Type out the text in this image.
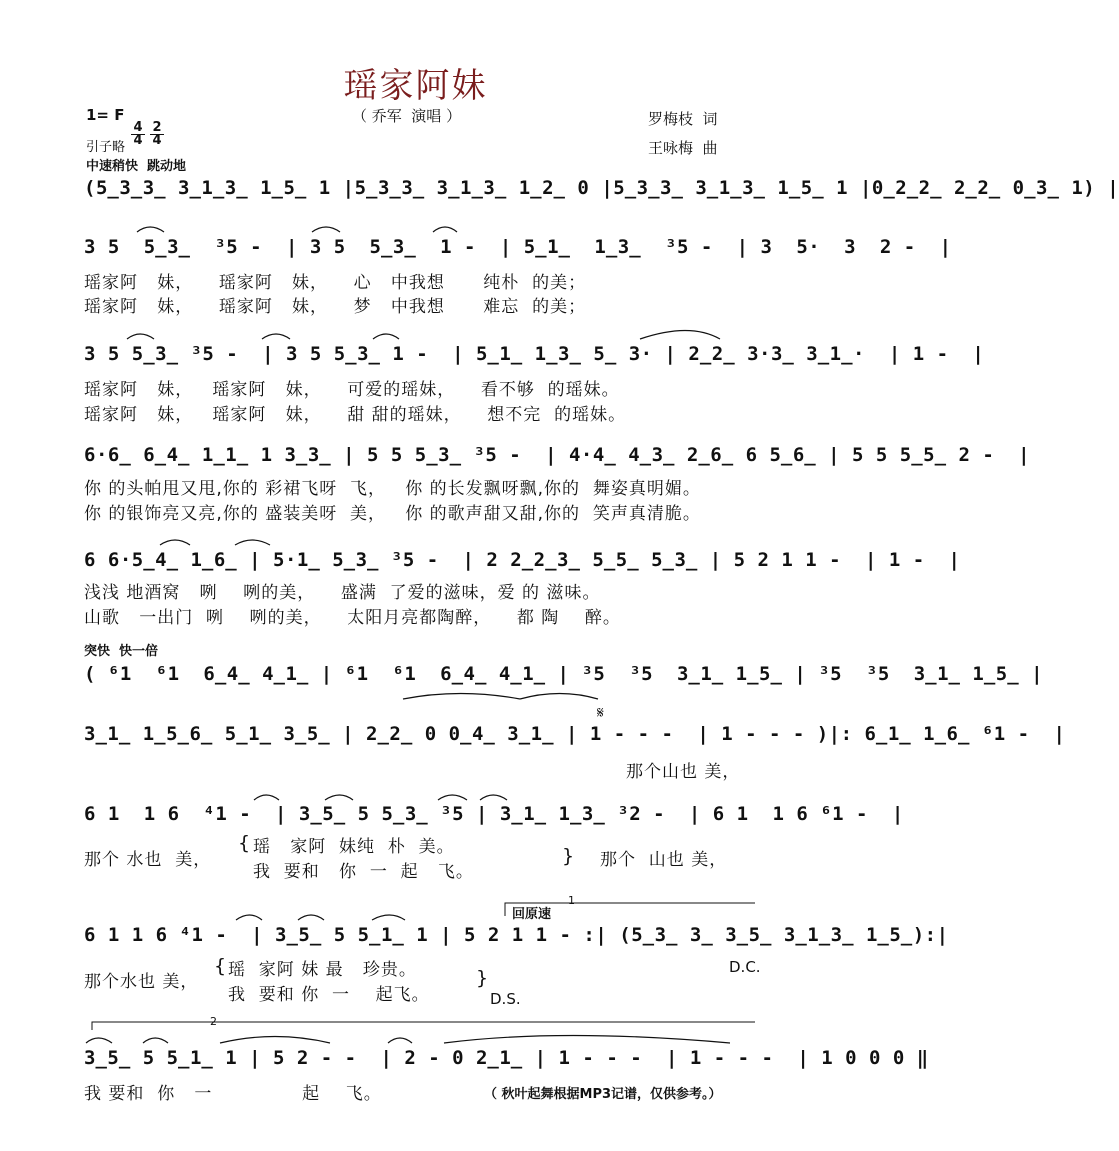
瑶家阿妹
1= F

4
4

2
4

（ 乔军  演唱 ）	罗梅枝  词
王咏梅  曲
引子略
中速稍快  跳动地
(5̲3̲3̲ 3̲1̲3̲ 1̲5̲ 1 |5̲3̲3̲ 3̲1̲3̲ 1̲2̲ 0 |5̲3̲3̲ 3̲1̲3̲ 1̲5̲ 1 |0̲2̲2̲ 2̲2̲ 0̲3̲ 1) |
3 5  5̲3̲  ³5 -  | 3 5  5̲3̲  1 -  | 5̲1̲  1̲3̲  ³5 -  | 3  5·  3  2 -  |
瑶家阿   妹，    瑶家阿   妹，    心   中我想      纯朴  的美；
瑶家阿   妹，    瑶家阿   妹，    梦   中我想      难忘  的美；
3 5 5̲3̲ ³5 -  | 3 5 5̲3̲ 1 -  | 5̲1̲ 1̲3̲ 5̲ 3· | 2̲2̲ 3·3̲ 3̲1̲·  | 1 -  |
瑶家阿   妹，   瑶家阿   妹，    可爱的瑶妹，    看不够  的瑶妹。
瑶家阿   妹，   瑶家阿   妹，    甜 甜的瑶妹，    想不完  的瑶妹。
6·6̲ 6̲4̲ 1̲1̲ 1 3̲3̲ | 5 5 5̲3̲ ³5 -  | 4·4̲ 4̲3̲ 2̲6̲ 6 5̲6̲ | 5 5 5̲5̲ 2 -  |
你 的头帕甩又甩,你的 彩裙飞呀  飞，   你 的长发飘呀飘,你的  舞姿真明媚。
你 的银饰亮又亮,你的 盛装美呀  美，   你 的歌声甜又甜,你的  笑声真清脆。
6 6·5̲4̲ 1̲6̲ | 5·1̲ 5̲3̲ ³5 -  | 2 2̲2̲3̲ 5̲5̲ 5̲3̲ | 5 2 1 1 -  | 1 -  |
浅浅 地酒窝   咧    咧的美，    盛满  了爱的滋味，爱 的 滋味。
山歌   一出门  咧    咧的美，    太阳月亮都陶醉，    都 陶    醉。
突快  快一倍
( ⁶1  ⁶1  6̲4̲ 4̲1̲ | ⁶1  ⁶1  6̲4̲ 4̲1̲ | ³5  ³5  3̲1̲ 1̲5̲ | ³5  ³5  3̲1̲ 1̲5̲ |
3̲1̲ 1̲5̲6̲ 5̲1̲ 3̲5̲ | 2̲2̲ 0 0̲4̲ 3̲1̲ | 1 - - -  | 1 - - - )|: 6̲1̲ 1̲6̲ ⁶1 -  |
那个山也 美，
6 1  1 6  ⁴1 -  | 3̲5̲ 5 5̲3̲ ³5 | 3̲1̲ 1̲3̲ ³2 -  | 6 1  1 6 ⁶1 -  |
那个 水也  美，
{ 瑶   家阿  妹纯  朴  美。
我  要和   你  一  起   飞。
} 那个  山也 美，
回原速
1
6 1 1 6 ⁴1 -  | 3̲5̲ 5 5̲1̲ 1 | 5 2 1 1 - :| (5̲3̲ 3̲ 3̲5̲ 3̲1̲3̲ 1̲5̲):|
那个水也 美，
{ 瑶  家阿 妹 最   珍贵。
我  要和 你  一    起飞。
}
D.S.
D.C.
2
3̲5̲ 5 5̲1̲ 1 | 5 2 - -  | 2 - 0 2̲1̲ | 1 - - -  | 1 - - -  | 1 0 0 0 ‖
我 要和  你   一              起    飞。	（ 秋叶起舞根据MP3记谱，仅供参考。）
𝄋
